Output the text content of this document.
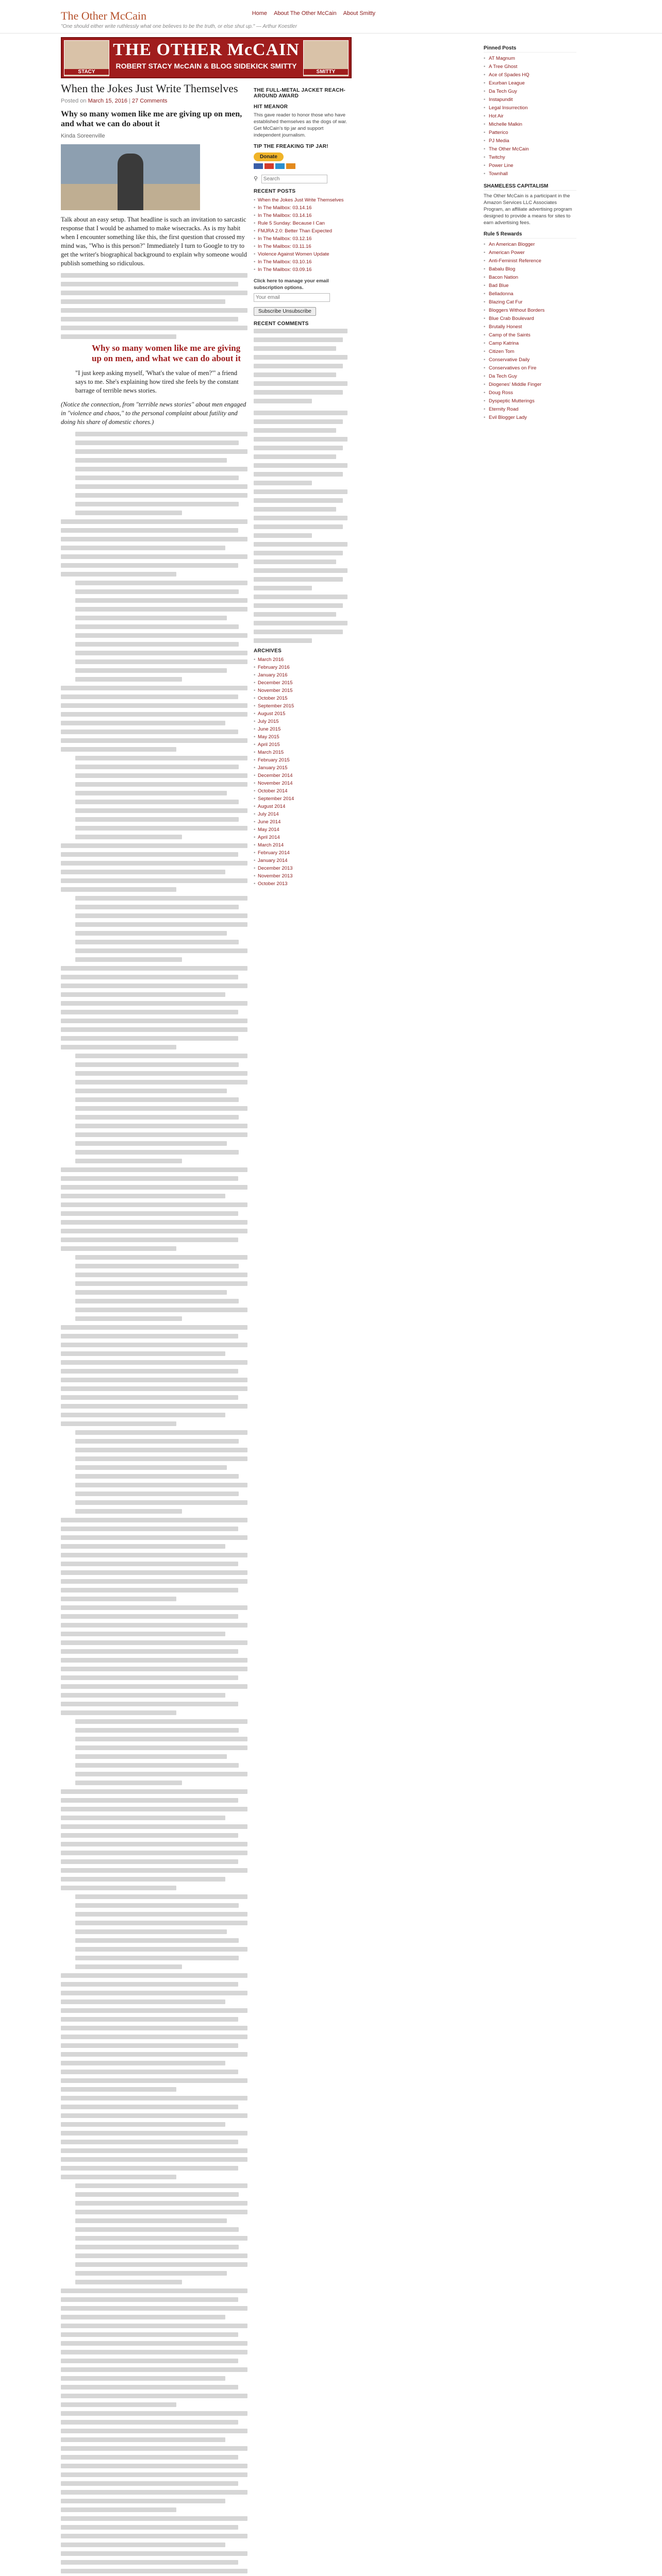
The Other McCain
"One should either write ruthlessly what one believes to be the truth, or else shut up." — Arthur Koestler
Home About The Other McCain About Smitty
STACY
THE OTHER McCAIN
ROBERT STACY McCAIN & BLOG SIDEKICK SMITTY
SMITTY
When the Jokes Just Write Themselves
Posted on March 15, 2016 | 27 Comments
Why so many women like me are giving up on men, and what we can do about it
Kinda Soreenville

Talk about an easy setup. That headline is such an invitation to sarcastic response that I would be ashamed to make wisecracks. As is my habit when I encounter something like this, the first question that crossed my mind was, "Who is this person?" Immediately I turn to Google to try to get the writer's biographical background to explain why someone would publish something so ridiculous.

Why so many women like me are giving up on men, and what we can do about it
"I just keep asking myself, 'What's the value of men?'" a friend says to me. She's explaining how tired she feels by the constant barrage of terrible news stories.

(Notice the connection, from "terrible news stories" about men engaged in "violence and chaos," to the personal complaint about futility and doing his share of domestic chores.)

THE FULL-METAL JACKET REACH-AROUND AWARD
HIT MEANOR
This gave reader to honor those who have established themselves as the dogs of war. Get McCain's tip jar and support independent journalism.
TIP THE FREAKING TIP JAR!
Donate
⚲ Search
RECENT POSTS
• When the Jokes Just Write Themselves
• In The Mailbox: 03.14.16
• In The Mailbox: 03.14.16
• Rule 5 Sunday: Because I Can
• FMJRA 2.0: Better Than Expected
• In The Mailbox: 03.12.16
• In The Mailbox: 03.11.16
• Violence Against Women Update
• In The Mailbox: 03.10.16
• In The Mailbox: 03.09.16
Click here to manage your email subscription options.
Your email
Subscribe Unsubscribe
RECENT COMMENTS
ARCHIVES
• March 2016
• February 2016
• January 2016
• December 2015
• November 2015
• October 2015
• September 2015
• August 2015
• July 2015
• June 2015
• May 2015
• April 2015
• March 2015
• February 2015
• January 2015
• December 2014
• November 2014
• October 2014
• September 2014
• August 2014
• July 2014
• June 2014
• May 2014
• April 2014
• March 2014
• February 2014
• January 2014
• December 2013
• November 2013
• October 2013
Pinned Posts
• AT Magnum
• A Tree Ghost
• Ace of Spades HQ
• Exurban League
• Da Tech Guy
• Instapundit
• Legal Insurrection
• Hot Air
• Michelle Malkin
• Patterico
• PJ Media
• The Other McCain
• Twitchy
• Power Line
• Townhall
SHAMELESS CAPITALISM
The Other McCain is a participant in the Amazon Services LLC Associates Program, an affiliate advertising program designed to provide a means for sites to earn advertising fees.
Rule 5 Rewards
• An American Blogger
• American Power
• Anti-Feminist Reference
• Babalu Blog
• Bacon Nation
• Bad Blue
• Belladonna
• Blazing Cat Fur
• Bloggers Without Borders
• Blue Crab Boulevard
• Brutally Honest
• Camp of the Saints
• Camp Katrina
• Citizen Tom
• Conservative Daily
• Conservatives on Fire
• Da Tech Guy
• Diogenes' Middle Finger
• Doug Ross
• Dyspeptic Mutterings
• Eternity Road
• Evil Blogger Lady
